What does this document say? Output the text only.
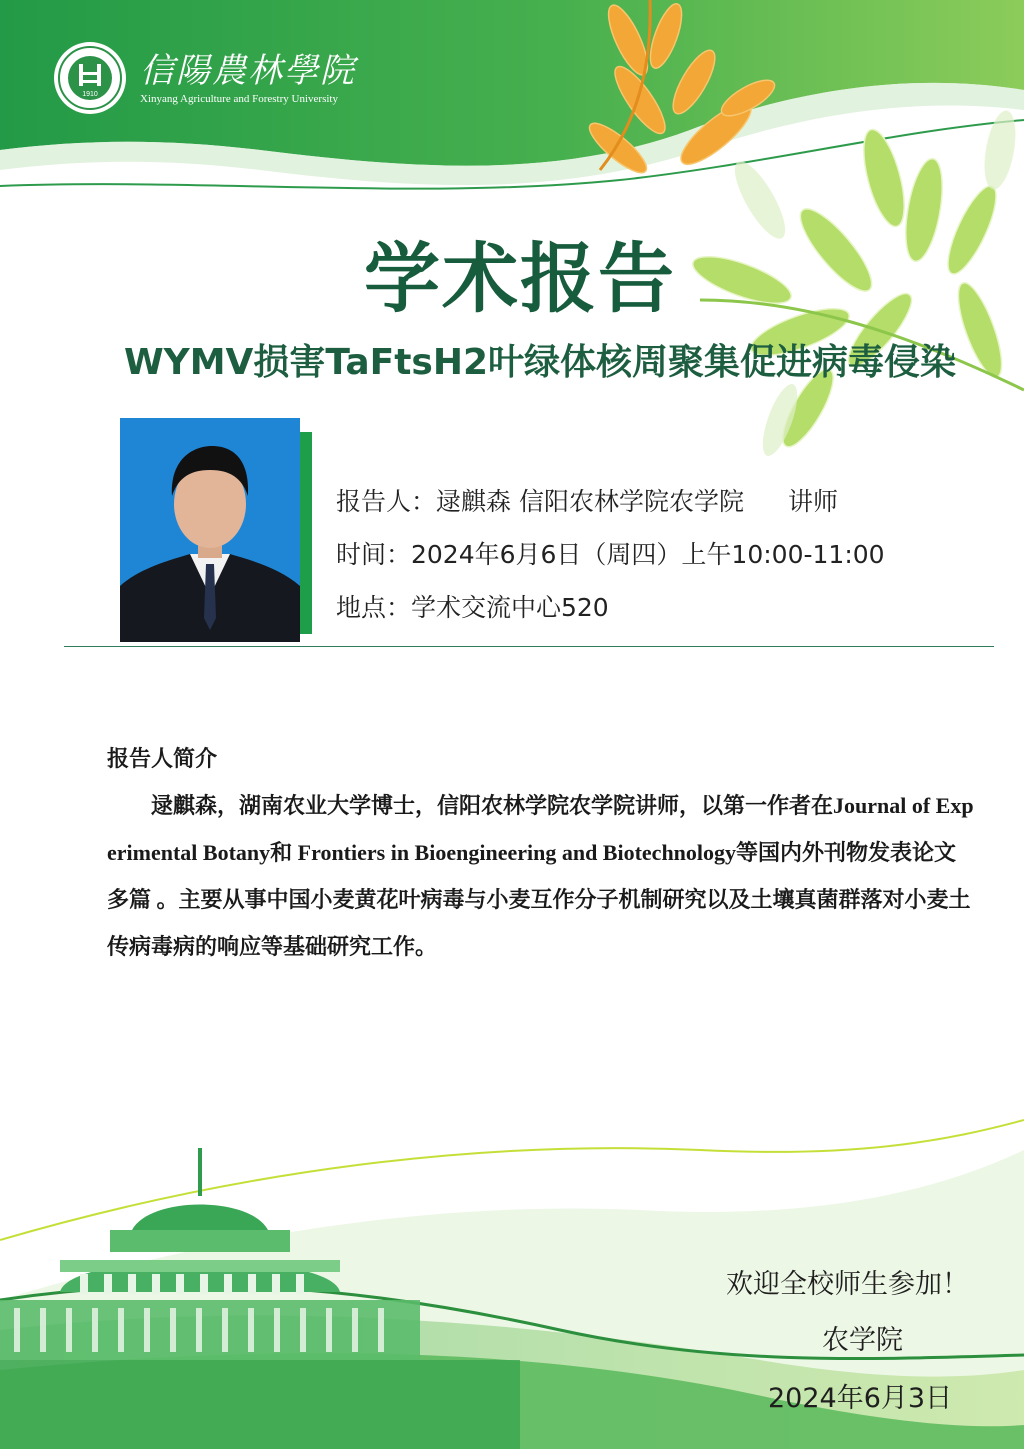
1910
信陽農林學院
Xinyang Agriculture and Forestry University
学术报告
WYMV损害TaFtsH2叶绿体核周聚集促进病毒侵染
报告人：逯麒森 信阳农林学院农学院 讲师
时间：2024年6月6日（周四）上午10:00-11:00
地点：学术交流中心520
报告人简介
逯麒森，湖南农业大学博士，信阳农林学院农学院讲师，以第一作者在Journal of Experimental Botany和 Frontiers in Bioengineering and Biotechnology等国内外刊物发表论文多篇 。主要从事中国小麦黄花叶病毒与小麦互作分子机制研究以及土壤真菌群落对小麦土传病毒病的响应等基础研究工作。
欢迎全校师生参加！
农学院
2024年6月3日
